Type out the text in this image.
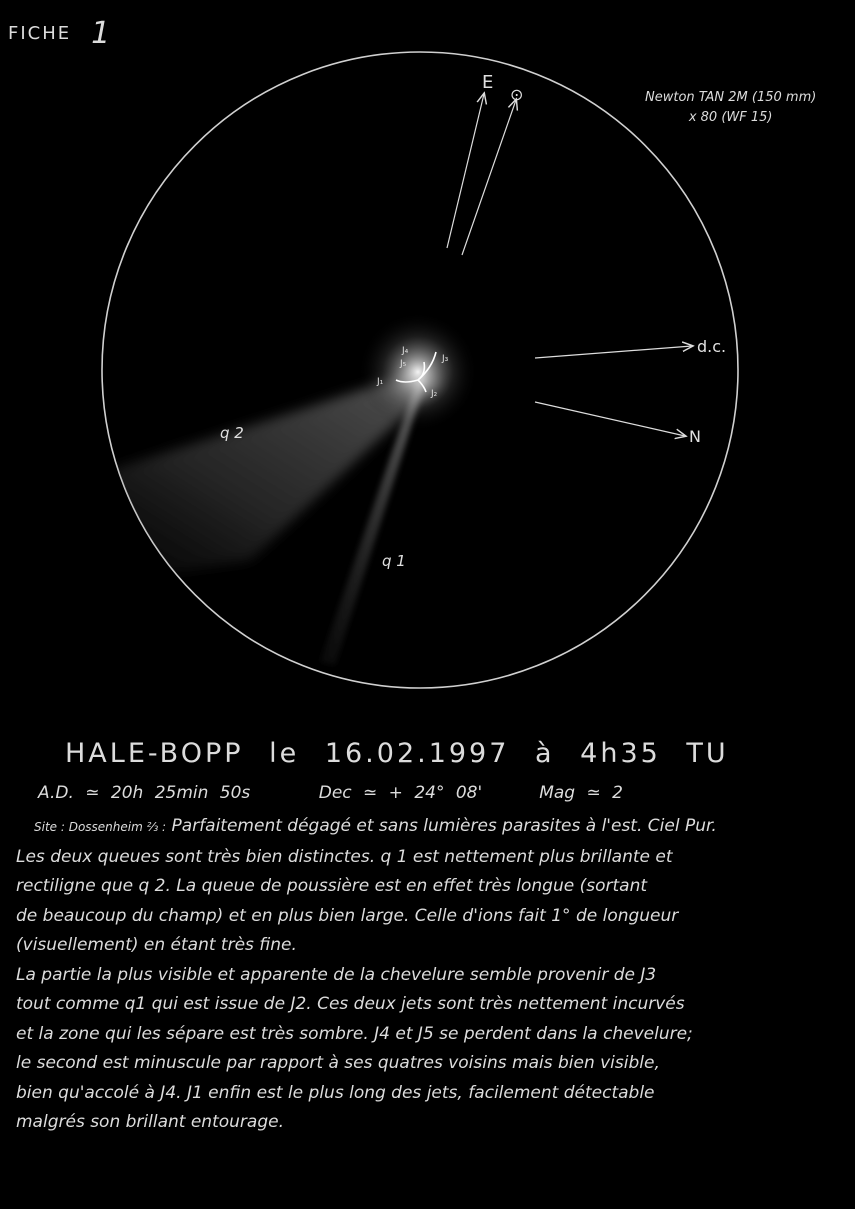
FICHE 1
Newton TAN 2M (150 mm)
x 80 (WF 15)
E
⊙
d.c.
N
q 2
q 1
J₄
J₅	J₃
J₁
J₂
HALE-BOPP le 16.02.1997 à 4h35 TU
A.D. ≃ 20h 25min 50s	Dec ≃ + 24° 08'	Mag ≃ 2
Site : Dossenheim ⅔ : Parfaitement dégagé et sans lumières parasites à l'est. Ciel Pur.
Les deux queues sont très bien distinctes. q 1 est nettement plus brillante et
rectiligne que q 2. La queue de poussière est en effet très longue (sortant
de beaucoup du champ) et en plus bien large. Celle d'ions fait 1° de longueur
(visuellement) en étant très fine.
La partie la plus visible et apparente de la chevelure semble provenir de J3
tout comme q1 qui est issue de J2. Ces deux jets sont très nettement incurvés
et la zone qui les sépare est très sombre. J4 et J5 se perdent dans la chevelure;
le second est minuscule par rapport à ses quatres voisins mais bien visible,
bien qu'accolé à J4. J1 enfin est le plus long des jets, facilement détectable
malgrés son brillant entourage.
